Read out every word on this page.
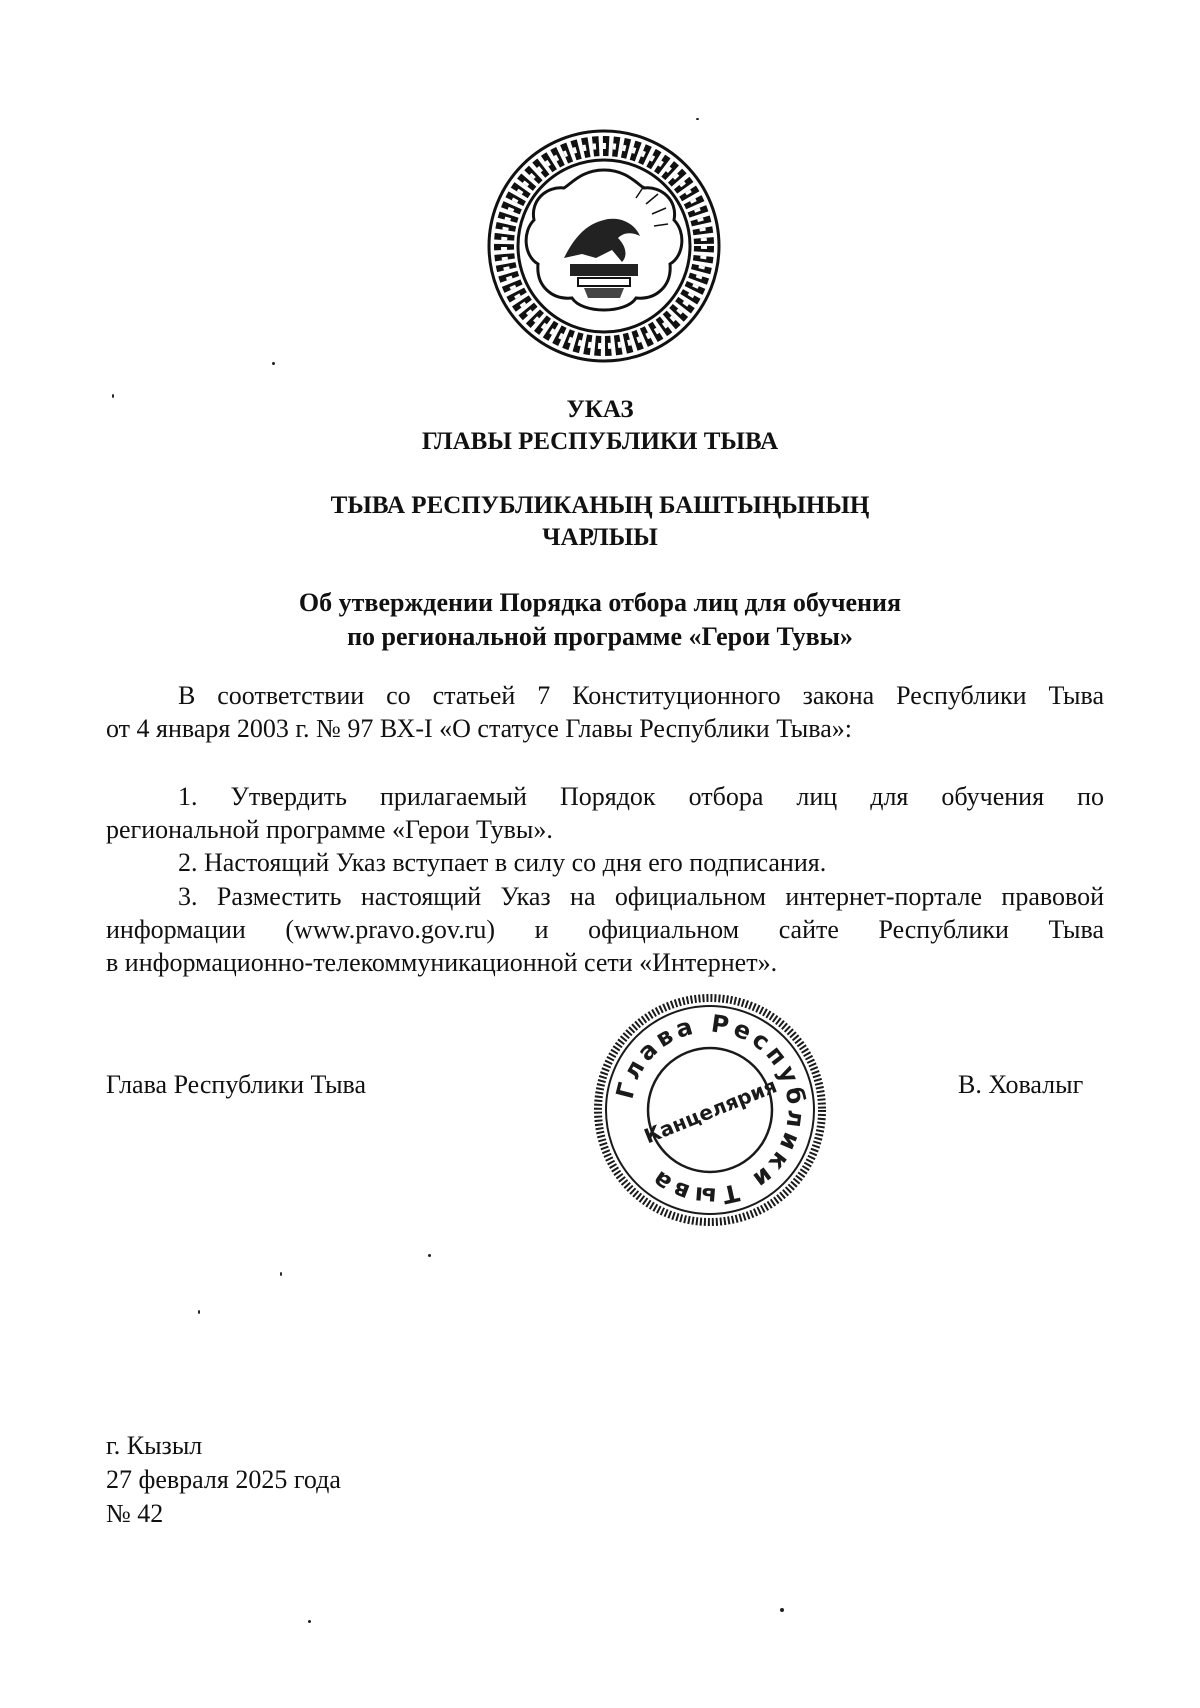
УКАЗ
ГЛАВЫ РЕСПУБЛИКИ ТЫВА
ТЫВА РЕСПУБЛИКАНЫҢ БАШТЫҢЫНЫҢ
ЧАРЛЫЫ
Об утверждении Порядка отбора лиц для обучения
по региональной программе «Герои Тувы»
В соответствии со статьей 7 Конституционного закона Республики Тыва
от 4 января 2003 г. № 97 ВХ-I «О статусе Главы Республики Тыва»:
1. Утвердить прилагаемый Порядок отбора лиц для обучения по
региональной программе «Герои Тувы».
2. Настоящий Указ вступает в силу со дня его подписания.
3. Разместить настоящий Указ на официальном интернет-портале правовой
информации (www.pravo.gov.ru) и официальном сайте Республики Тыва
в информационно-телекоммуникационной сети «Интернет».
Глава Республики Тыва	В. Ховалыг
Глава Республики Тыва
Канцелярия
г. Кызыл
27 февраля 2025 года
№ 42
